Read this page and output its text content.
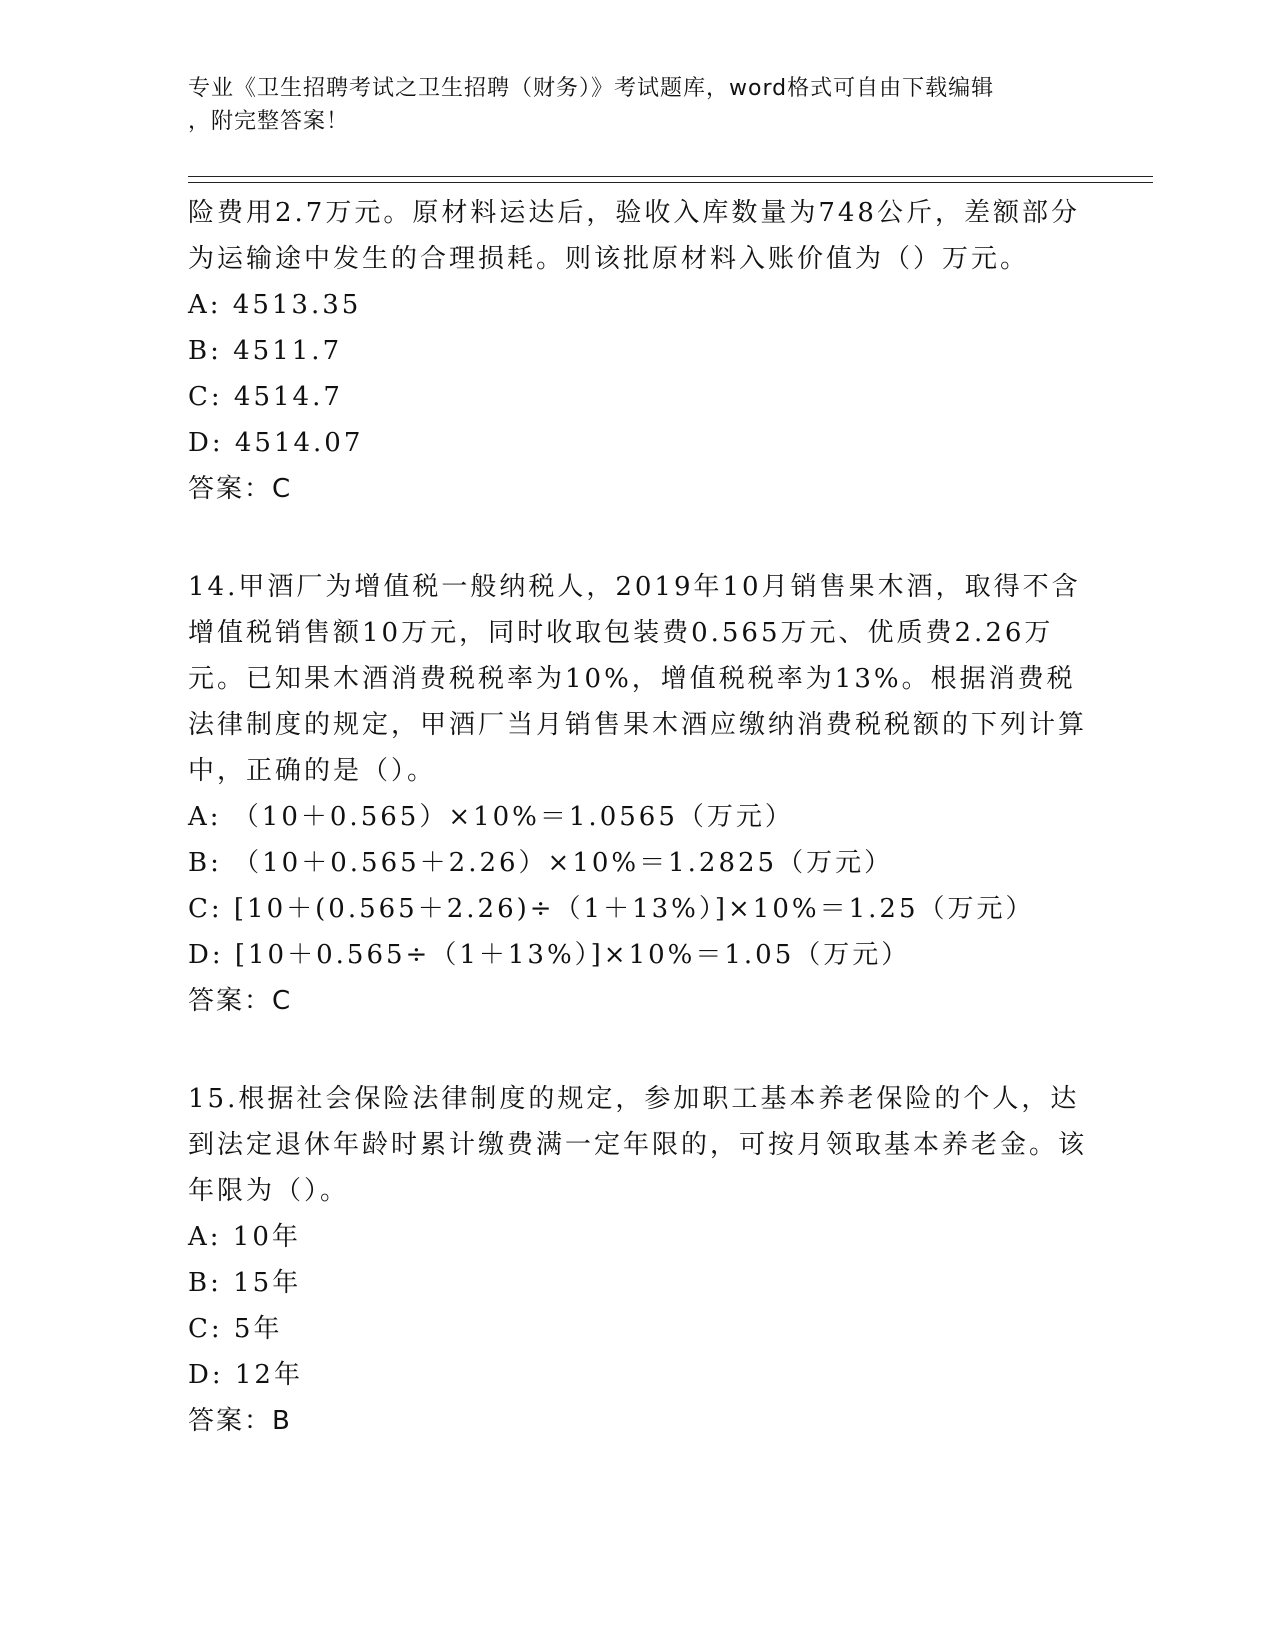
专业《卫生招聘考试之卫生招聘（财务）》考试题库，word格式可自由下载编辑
，附完整答案！

险费用2.7万元。原材料运达后，验收入库数量为748公斤，差额部分为运输途中发生的合理损耗。则该批原材料入账价值为（）万元。

A: 4513.35

B: 4511.7

C: 4514.7

D: 4514.07

答案：C

14.甲酒厂为增值税一般纳税人，2019年10月销售果木酒，取得不含增值税销售额10万元，同时收取包装费0.565万元、优质费2.26万元。已知果木酒消费税税率为10%，增值税税率为13%。根据消费税法律制度的规定，甲酒厂当月销售果木酒应缴纳消费税税额的下列计算中，正确的是（）。

A: （10＋0.565）×10%＝1.0565（万元）

B: （10＋0.565＋2.26）×10%＝1.2825（万元）

C: [10＋(0.565＋2.26)÷（1＋13%）]×10%＝1.25（万元）

D: [10＋0.565÷（1＋13%）]×10%＝1.05（万元）

答案：C

15.根据社会保险法律制度的规定，参加职工基本养老保险的个人，达到法定退休年龄时累计缴费满一定年限的，可按月领取基本养老金。该年限为（）。

A: 10年

B: 15年

C: 5年

D: 12年

答案：B
